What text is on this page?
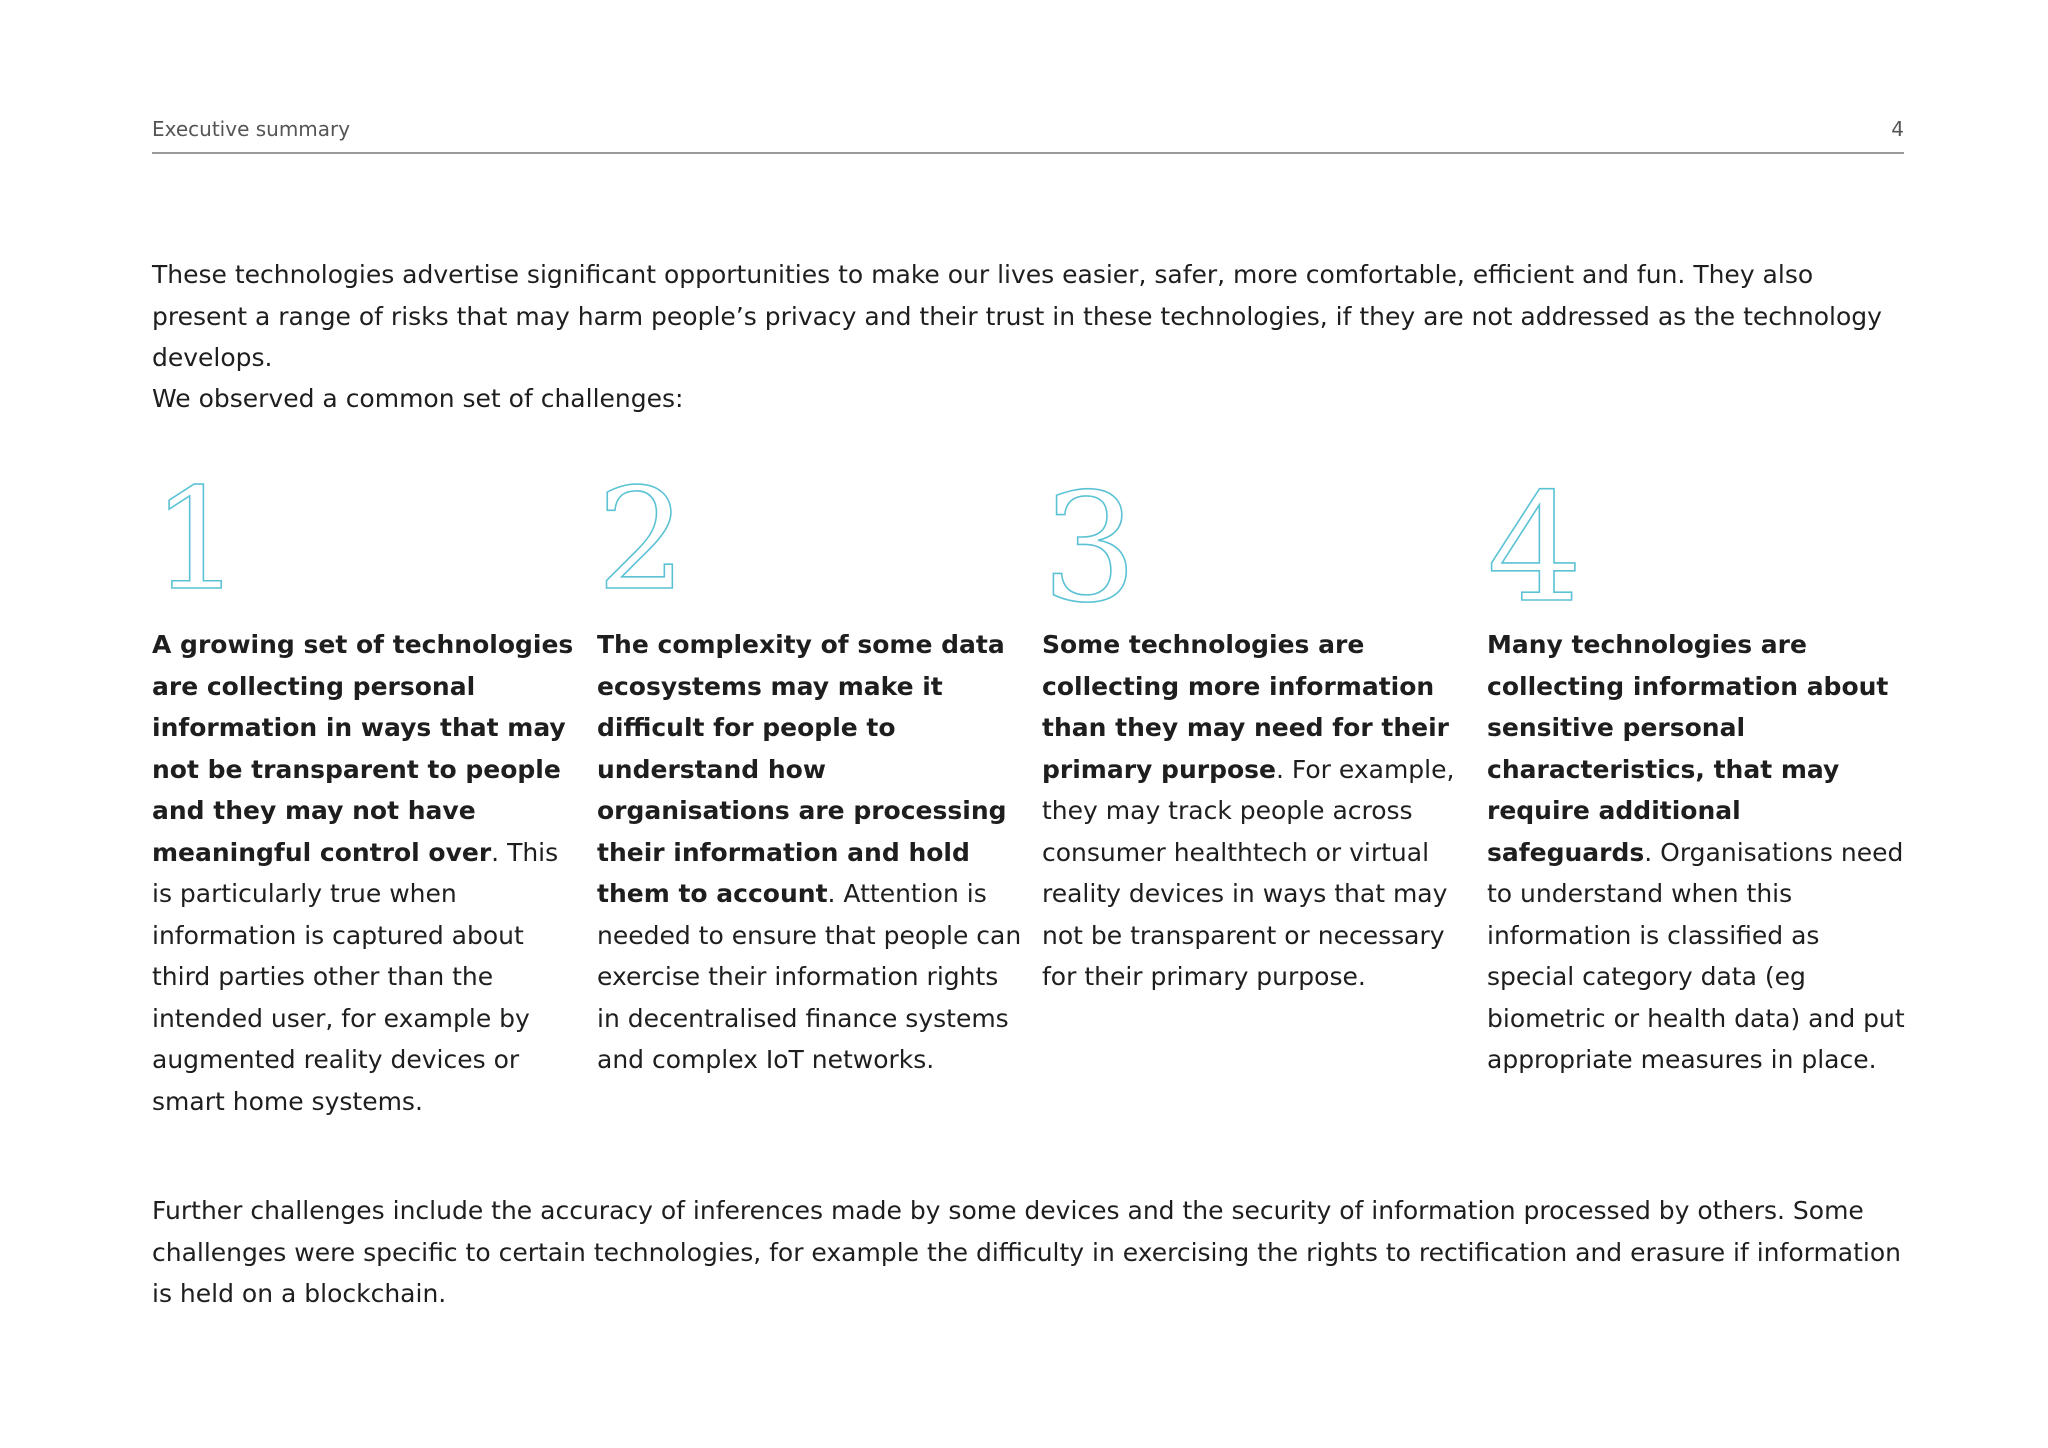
Executive summary	4

These technologies advertise significant opportunities to make our lives easier, safer, more comfortable, efficient and fun. They also present a range of risks that may harm people’s privacy and their trust in these technologies, if they are not addressed as the technology develops.

We observed a common set of challenges:

1

A growing set of technologies are collecting personal information in ways that may not be transparent to people and they may not have meaningful control over. This is particularly true when information is captured about third parties other than the intended user, for example by augmented reality devices or smart home systems.

2

The complexity of some data ecosystems may make it difficult for people to understand how organisations are processing their information and hold them to account. Attention is needed to ensure that people can exercise their information rights in decentralised finance systems and complex IoT networks.

3

Some technologies are collecting more information than they may need for their primary purpose. For example, they may track people across consumer healthtech or virtual reality devices in ways that may not be transparent or necessary for their primary purpose.

4

Many technologies are collecting information about sensitive personal characteristics, that may require additional safeguards. Organisations need to understand when this information is classified as special category data (eg biometric or health data) and put appropriate measures in place.

Further challenges include the accuracy of inferences made by some devices and the security of information processed by others. Some challenges were specific to certain technologies, for example the difficulty in exercising the rights to rectification and erasure if information is held on a blockchain.
